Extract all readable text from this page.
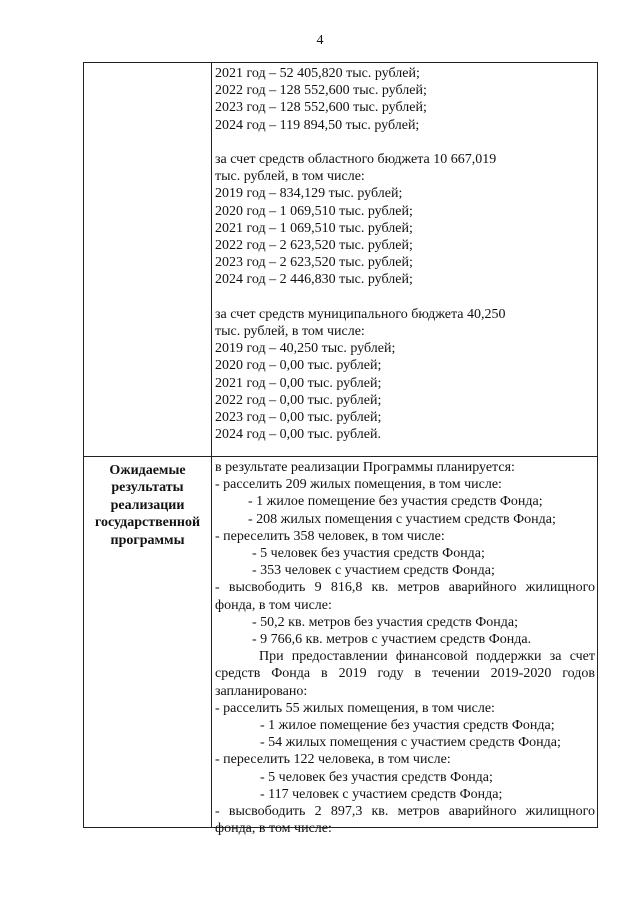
4
2021 год – 52 405,820 тыс. рублей;
2022 год – 128 552,600 тыс. рублей;
2023 год – 128 552,600 тыс. рублей;
2024 год – 119 894,50 тыс. рублей;
за счет средств областного бюджета 10 667,019
тыс. рублей, в том числе:
2019 год – 834,129 тыс. рублей;
2020 год – 1 069,510 тыс. рублей;
2021 год – 1 069,510 тыс. рублей;
2022 год – 2 623,520 тыс. рублей;
2023 год – 2 623,520 тыс. рублей;
2024 год – 2 446,830 тыс. рублей;
за счет средств муниципального бюджета 40,250
тыс. рублей, в том числе:
2019 год – 40,250 тыс. рублей;
2020 год – 0,00 тыс. рублей;
2021 год – 0,00 тыс. рублей;
2022 год – 0,00 тыс. рублей;
2023 год – 0,00 тыс. рублей;
2024 год – 0,00 тыс. рублей.
Ожидаемые результаты реализации государственной программы
в результате реализации Программы планируется:
- расселить 209 жилых помещения, в том числе:
- 1 жилое помещение без участия средств Фонда;
- 208 жилых помещения с участием средств Фонда;
- переселить 358 человек, в том числе:
- 5 человек без участия средств Фонда;
- 353 человек с участием средств Фонда;
- высвободить 9 816,8 кв. метров аварийного жилищного
фонда, в том числе:
- 50,2 кв. метров без участия средств Фонда;
- 9 766,6 кв. метров с участием средств Фонда.
При предоставлении финансовой поддержки за счет
средств Фонда в 2019 году в течении 2019-2020 годов
запланировано:
- расселить 55 жилых помещения, в том числе:
- 1 жилое помещение без участия средств Фонда;
- 54 жилых помещения с участием средств Фонда;
- переселить 122 человека, в том числе:
- 5 человек без участия средств Фонда;
- 117 человек с участием средств Фонда;
- высвободить 2 897,3 кв. метров аварийного жилищного
фонда, в том числе:
